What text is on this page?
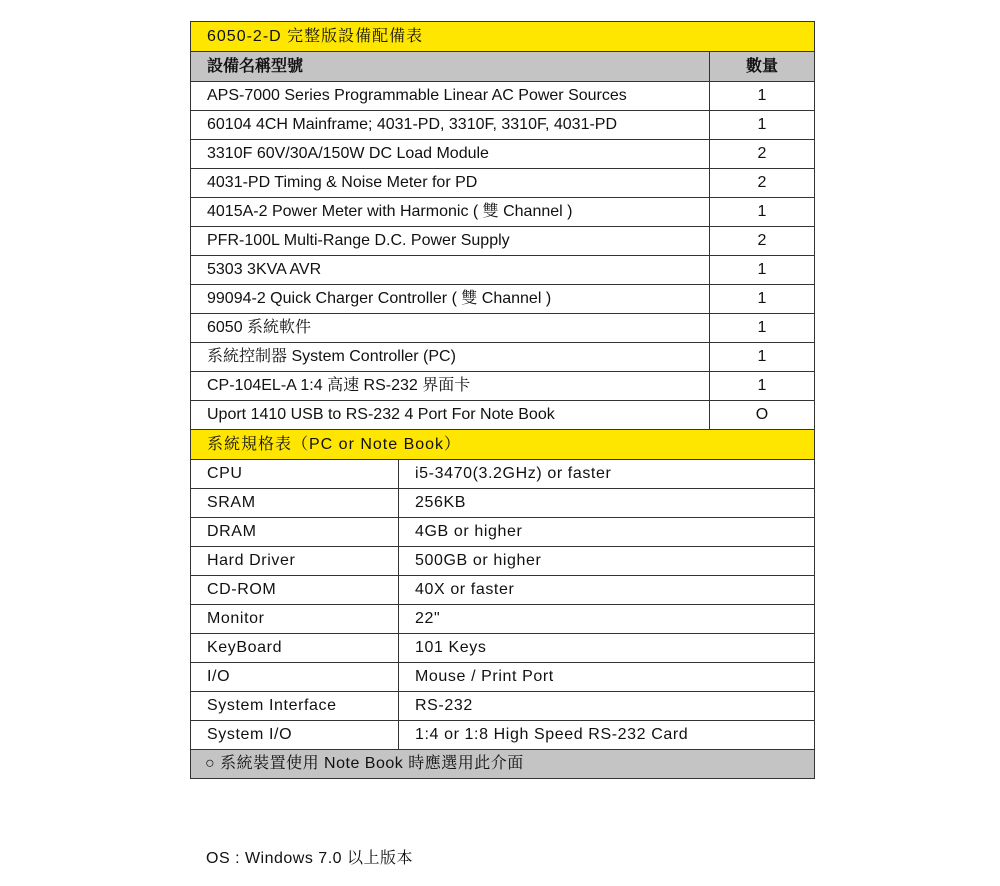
6050-2-D 完整版設備配備表		
設備名稱型號		數量
APS-7000 Series Programmable Linear AC Power Sources		1
60104 4CH Mainframe; 4031-PD, 3310F, 3310F, 4031-PD		1
3310F 60V/30A/150W DC Load Module		2
4031-PD Timing & Noise Meter for PD		2
4015A-2 Power Meter with Harmonic ( 雙 Channel )		1
PFR-100L Multi-Range D.C. Power Supply		2
5303 3KVA AVR		1
99094-2 Quick Charger Controller ( 雙 Channel )		1
6050 系統軟件		1
系統控制器 System Controller (PC)		1
CP-104EL-A 1:4 高速 RS-232 界面卡		1
Uport 1410 USB to RS-232 4 Port For Note Book		O
系統規格表（PC or Note Book）		
CPU	i5-3470(3.2GHz) or faster	
SRAM	256KB	
DRAM	4GB or higher	
Hard Driver	500GB or higher	
CD-ROM	40X or faster	
Monitor	22"	
KeyBoard	101 Keys	
I/O	Mouse / Print Port	
System Interface	RS-232	
System I/O	1:4 or 1:8 High Speed RS-232 Card	
○ 系統裝置使用 Note Book 時應選用此介面		
OS : Windows 7.0 以上版本
